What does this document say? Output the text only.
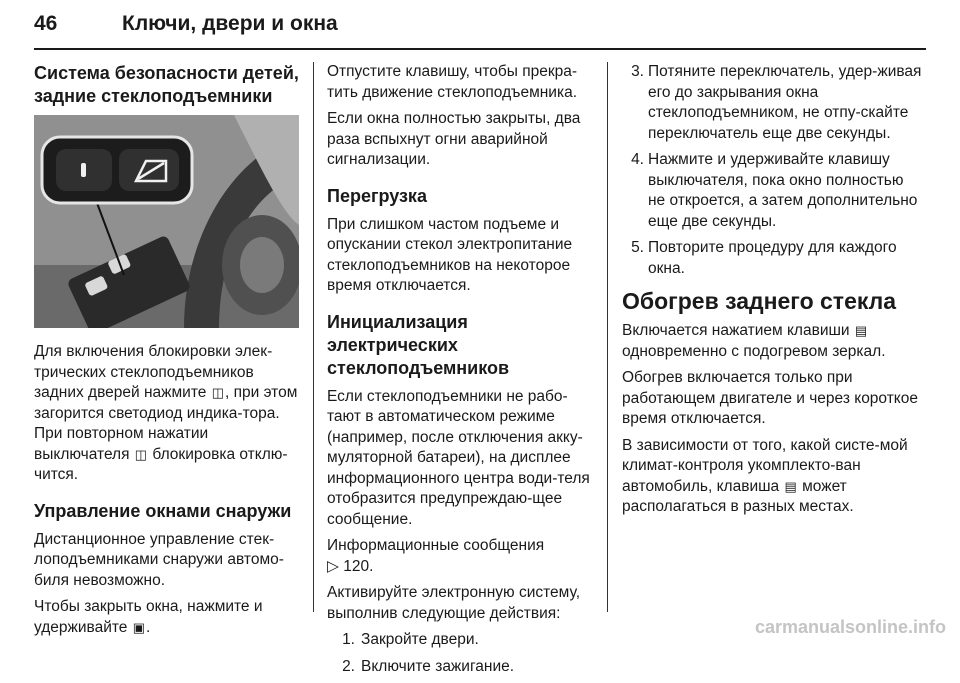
46	Ключи, двери и окна
Система безопасности детей, задние стеклоподъемники

Для включения блокировки элек-трических стеклоподъемников задних дверей нажмите ◫, при этом загорится светодиод индика-тора. При повторном нажатии выключателя ◫ блокировка отклю-чится.

Управление окнами снаружи

Дистанционное управление стек-лоподъемниками снаружи автомо-биля невозможно.

Чтобы закрыть окна, нажмите и удерживайте ▣.

Отпустите клавишу, чтобы прекра-тить движение стеклоподъемника.

Если окна полностью закрыты, два раза вспыхнут огни аварийной сигнализации.

Перегрузка

При слишком частом подъеме и опускании стекол электропитание стеклоподъемников на некоторое время отключается.

Инициализация электрических стеклоподъемников

Если стеклоподъемники не рабо-тают в автоматическом режиме (например, после отключения акку-муляторной батареи), на дисплее информационного центра води-теля отобразится предупреждаю-щее сообщение.

Информационные сообщения
▷ 120.

Активируйте электронную систему, выполнив следующие действия:

1. Закройте двери.
2. Включите зажигание.
3. Потяните переключатель, удер-живая его до закрывания окна стеклоподъемником, не отпу-скайте переключатель еще две секунды.
4. Нажмите и удерживайте клавишу выключателя, пока окно полностью не откроется, а затем дополнительно еще две секунды.
5. Повторите процедуру для каждого окна.
Обогрев заднего стекла

Включается нажатием клавиши ▤ одновременно с подогревом зеркал.

Обогрев включается только при работающем двигателе и через короткое время отключается.

В зависимости от того, какой систе-мой климат-контроля укомплекто-ван автомобиль, клавиша ▤ может располагаться в разных местах.

carmanualsonline.info
